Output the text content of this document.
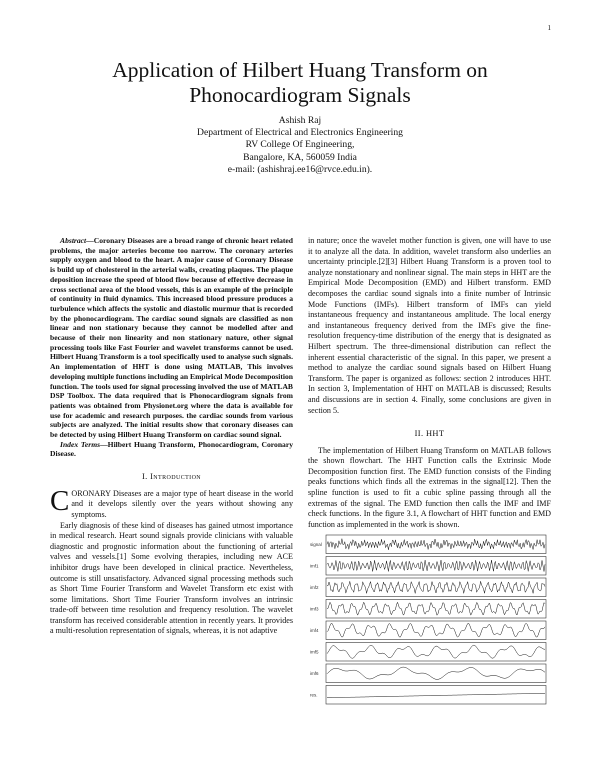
1
Application of Hilbert Huang Transform on Phonocardiogram Signals
Ashish Raj
Department of Electrical and Electronics Engineering
RV College Of Engineering,
Bangalore, KA, 560059 India
e-mail: (ashishraj.ee16@rvce.edu.in).

Abstract—Coronary Diseases are a broad range of chronic heart related problems, the major arteries become too narrow. The coronary arteries supply oxygen and blood to the heart. A major cause of Coronary Disease is build up of cholesterol in the arterial walls, creating plaques. The plaque deposition increase the speed of blood flow because of effective decrease in cross sectional area of the blood vessels, this is an example of the principle of continuity in fluid dynamics. This increased blood pressure produces a turbulence which affects the systolic and diastolic murmur that is recorded by the phonocardiogram. The cardiac sound signals are classified as non linear and non stationary because they cannot be modelled after and because of their non linearity and non stationary nature, other signal processing tools like Fast Fourier and wavelet transforms cannot be used. Hilbert Huang Transform is a tool specifically used to analyse such signals. An implementation of HHT is done using MATLAB, This involves developing multiple functions including an Empirical Mode Decomposition function. The tools used for signal processing involved the use of MATLAB DSP Toolbox. The data required that is Phonocardiogram signals from patients was obtained from Physionet.org where the data is available for use for academic and research purposes. the cardiac sounds from various subjects are analyzed. The initial results show that coronary diseases can be detected by using Hilbert Huang Transform on cardiac sound signal.

Index Terms—Hilbert Huang Transform, Phonocardiogram, Coronary Disease.

I. Introduction

CORONARY Diseases are a major type of heart disease in the world and it develops silently over the years without showing any symptoms.

Early diagnosis of these kind of diseases has gained utmost importance in medical research. Heart sound signals provide clinicians with valuable diagnostic and prognostic information about the functioning of arterial valves and vessels.[1] Some evolving therapies, including new ACE inhibitor drugs have been developed in clinical practice. Nevertheless, outcome is still unsatisfactory. Advanced signal processing methods such as Short Time Fourier Transform and Wavelet Transform etc exist with some limitations. Short Time Fourier Transform involves an intrinsic trade-off between time resolution and frequency resolution. The wavelet transform has received considerable attention in recently years. It provides a multi-resolution representation of signals, whereas, it is not adaptive

in nature; once the wavelet mother function is given, one will have to use it to analyze all the data. In addition, wavelet transform also underlies an uncertainty principle.[2][3] Hilbert Huang Transform is a proven tool to analyze nonstationary and nonlinear signal. The main steps in HHT are the Empirical Mode Decomposition (EMD) and Hilbert transform. EMD decomposes the cardiac sound signals into a finite number of Intrinsic Mode Functions (IMFs). Hilbert transform of IMFs can yield instantaneous frequency and instantaneous amplitude. The local energy and instantaneous frequency derived from the IMFs give the fine-resolution frequency-time distribution of the energy that is designated as Hilbert spectrum. The three-dimensional distribution can reflect the inherent essential characteristic of the signal. In this paper, we present a method to analyze the cardiac sound signals based on Hilbert Huang Transform. The paper is organized as follows: section 2 introduces HHT. In section 3, Implementation of HHT on MATLAB is discussed; Results and discussions are in section 4. Finally, some conclusions are given in section 5.

II. HHT

The implementation of Hilbert Huang Transform on MATLAB follows the shown flowchart. The HHT Function calls the Extrinsic Mode Decomposition function first. The EMD function consists of the Finding peaks functions which finds all the extremas in the signal[12]. Then the spline function is used to fit a cubic spline passing through all the extremas of the signal. The EMD function then calls the IMF and IMF check functions. In the figure 3.1, A flowchart of HHT function and EMD function as implemented in the work is shown.

signal
imf1
imf2
imf3
imf4
imf5
imf6
res.
